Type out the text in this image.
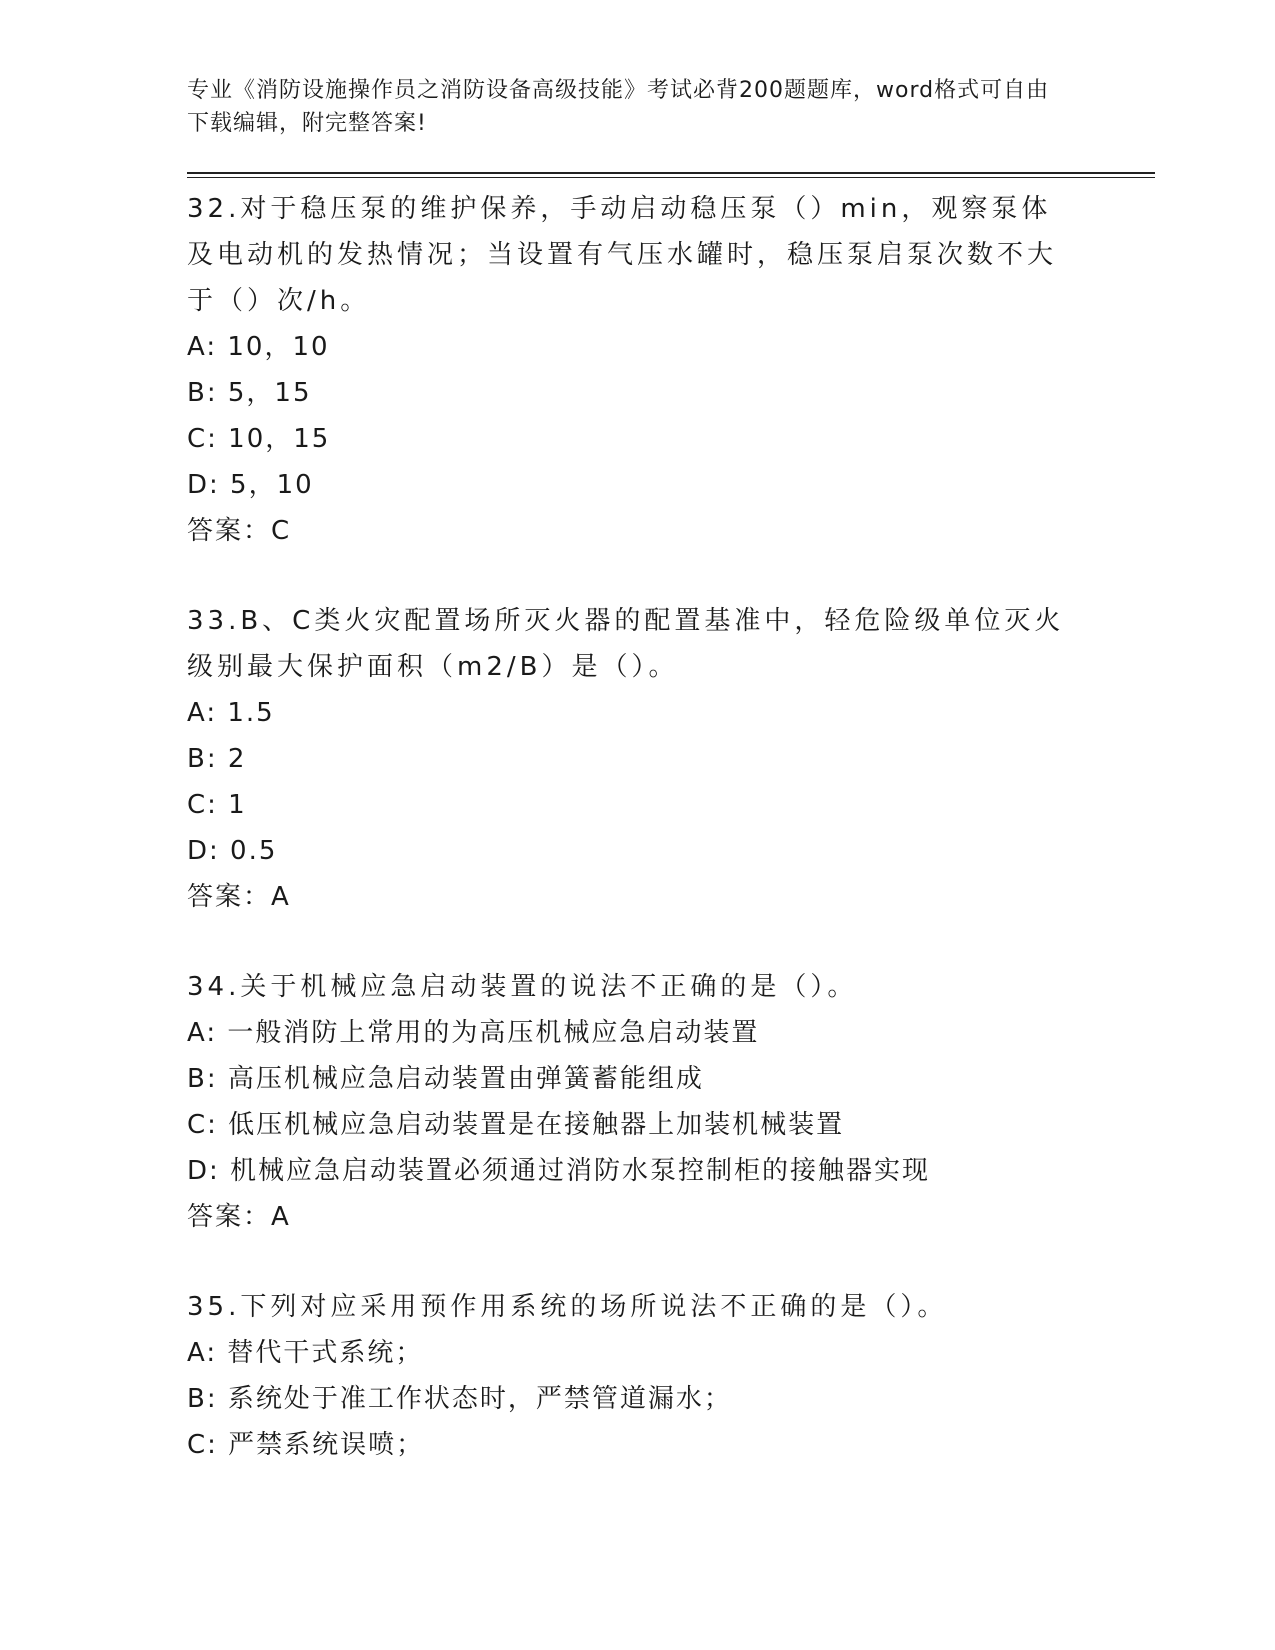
专业《消防设施操作员之消防设备高级技能》考试必背200题题库，word格式可自由下载编辑，附完整答案!

32.对于稳压泵的维护保养，手动启动稳压泵（）min，观察泵体及电动机的发热情况；当设置有气压水罐时，稳压泵启泵次数不大于（）次/h。

A: 10，10

B: 5，15

C: 10，15

D: 5，10

答案：C

33.B、C类火灾配置场所灭火器的配置基准中，轻危险级单位灭火级别最大保护面积（m2/B）是（）。

A: 1.5

B: 2

C: 1

D: 0.5

答案：A

34.关于机械应急启动装置的说法不正确的是（）。

A: 一般消防上常用的为高压机械应急启动装置

B: 高压机械应急启动装置由弹簧蓄能组成

C: 低压机械应急启动装置是在接触器上加装机械装置

D: 机械应急启动装置必须通过消防水泵控制柜的接触器实现

答案：A

35.下列对应采用预作用系统的场所说法不正确的是（）。

A: 替代干式系统；

B: 系统处于准工作状态时，严禁管道漏水；

C: 严禁系统误喷；
